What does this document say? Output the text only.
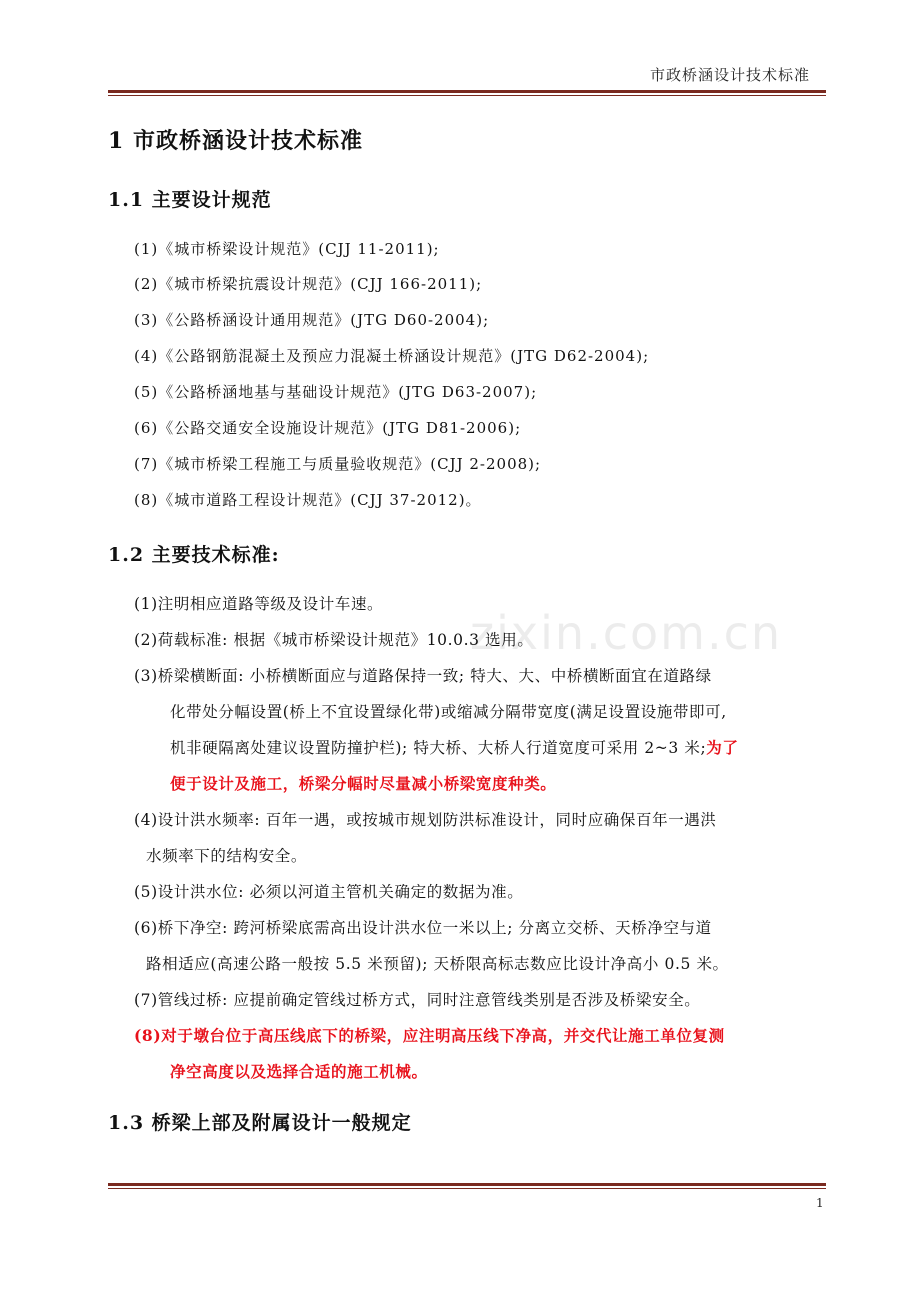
市政桥涵设计技术标准
1 市政桥涵设计技术标准
1.1 主要设计规范
(1)《城市桥梁设计规范》(CJJ 11-2011);
(2)《城市桥梁抗震设计规范》(CJJ 166-2011);
(3)《公路桥涵设计通用规范》(JTG D60-2004);
(4)《公路钢筋混凝土及预应力混凝土桥涵设计规范》(JTG D62-2004);
(5)《公路桥涵地基与基础设计规范》(JTG D63-2007);
(6)《公路交通安全设施设计规范》(JTG D81-2006);
(7)《城市桥梁工程施工与质量验收规范》(CJJ 2-2008);
(8)《城市道路工程设计规范》(CJJ 37-2012)。
1.2 主要技术标准:
zixin.com.cn
(1)注明相应道路等级及设计车速。
(2)荷载标准: 根据《城市桥梁设计规范》10.0.3 选用。
(3)桥梁横断面: 小桥横断面应与道路保持一致; 特大、大、中桥横断面宜在道路绿
化带处分幅设置(桥上不宜设置绿化带)或缩减分隔带宽度(满足设置设施带即可,
机非硬隔离处建议设置防撞护栏); 特大桥、大桥人行道宽度可采用 2~3 米;为了
便于设计及施工，桥梁分幅时尽量减小桥梁宽度种类。
(4)设计洪水频率: 百年一遇，或按城市规划防洪标准设计，同时应确保百年一遇洪
水频率下的结构安全。
(5)设计洪水位: 必须以河道主管机关确定的数据为准。
(6)桥下净空: 跨河桥梁底需高出设计洪水位一米以上; 分离立交桥、天桥净空与道
路相适应(高速公路一般按 5.5 米预留); 天桥限高标志数应比设计净高小 0.5 米。
(7)管线过桥: 应提前确定管线过桥方式，同时注意管线类别是否涉及桥梁安全。
(8)对于墩台位于高压线底下的桥梁，应注明高压线下净高，并交代让施工单位复测
净空高度以及选择合适的施工机械。
1.3 桥梁上部及附属设计一般规定
1
